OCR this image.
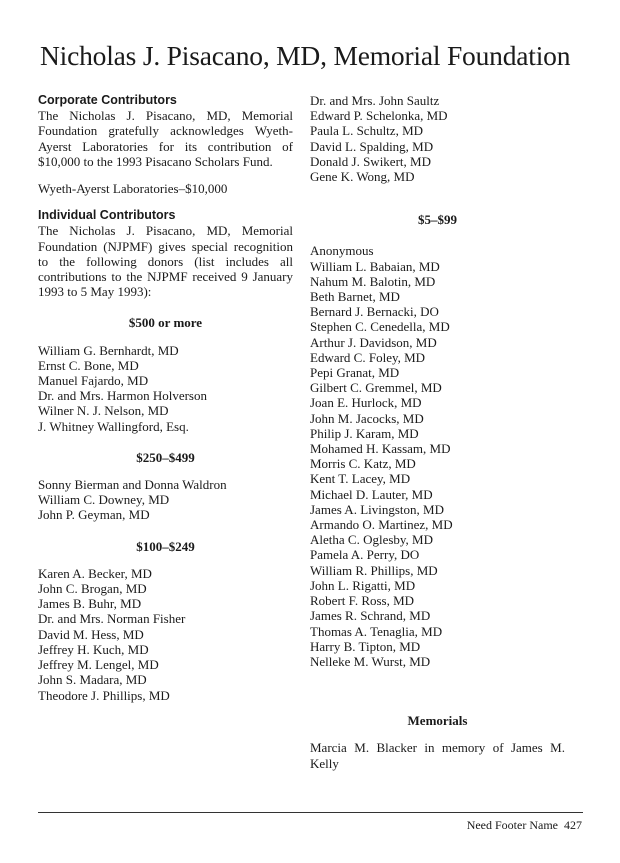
Nicholas J. Pisacano, MD, Memorial Foundation

Corporate Contributors

The Nicholas J. Pisacano, MD, Memorial Foundation gratefully acknowledges Wyeth-Ayerst Laboratories for its contribution of $10,000 to the 1993 Pisacano Scholars Fund.

Wyeth-Ayerst Laboratories–$10,000

Individual Contributors

The Nicholas J. Pisacano, MD, Memorial Foundation (NJPMF) gives special recognition to the following donors (list includes all contributions to the NJPMF received 9 January 1993 to 5 May 1993):

$500 or more

William G. Bernhardt, MD
Ernst C. Bone, MD
Manuel Fajardo, MD
Dr. and Mrs. Harmon Holverson
Wilner N. J. Nelson, MD
J. Whitney Wallingford, Esq.

$250–$499

Sonny Bierman and Donna Waldron
William C. Downey, MD
John P. Geyman, MD

$100–$249

Karen A. Becker, MD
John C. Brogan, MD
James B. Buhr, MD
Dr. and Mrs. Norman Fisher
David M. Hess, MD
Jeffrey H. Kuch, MD
Jeffrey M. Lengel, MD
John S. Madara, MD
Theodore J. Phillips, MD
Dr. and Mrs. John Saultz
Edward P. Schelonka, MD
Paula L. Schultz, MD
David L. Spalding, MD
Donald J. Swikert, MD
Gene K. Wong, MD

$5–$99

Anonymous
William L. Babaian, MD
Nahum M. Balotin, MD
Beth Barnet, MD
Bernard J. Bernacki, DO
Stephen C. Cenedella, MD
Arthur J. Davidson, MD
Edward C. Foley, MD
Pepi Granat, MD
Gilbert C. Gremmel, MD
Joan E. Hurlock, MD
John M. Jacocks, MD
Philip J. Karam, MD
Mohamed H. Kassam, MD
Morris C. Katz, MD
Kent T. Lacey, MD
Michael D. Lauter, MD
James A. Livingston, MD
Armando O. Martinez, MD
Aletha C. Oglesby, MD
Pamela A. Perry, DO
William R. Phillips, MD
John L. Rigatti, MD
Robert F. Ross, MD
James R. Schrand, MD
Thomas A. Tenaglia, MD
Harry B. Tipton, MD
Nelleke M. Wurst, MD

Memorials

Marcia M. Blacker in memory of James M. Kelly

Need Footer Name 427
